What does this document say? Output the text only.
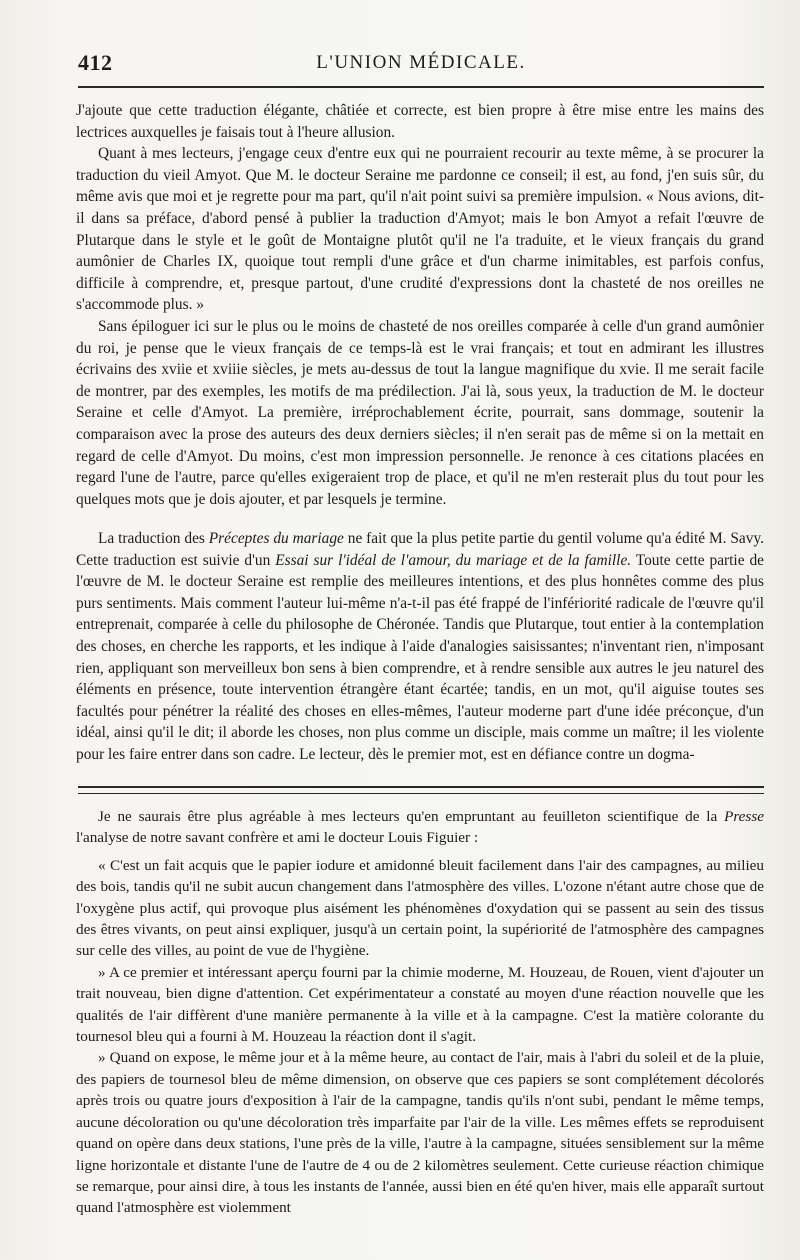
412	L'UNION MÉDICALE.

J'ajoute que cette traduction élégante, châtiée et correcte, est bien propre à être mise entre les mains des lectrices auxquelles je faisais tout à l'heure allusion.

Quant à mes lecteurs, j'engage ceux d'entre eux qui ne pourraient recourir au texte même, à se procurer la traduction du vieil Amyot. Que M. le docteur Seraine me pardonne ce conseil; il est, au fond, j'en suis sûr, du même avis que moi et je regrette pour ma part, qu'il n'ait point suivi sa première impulsion. « Nous avions, dit-il dans sa préface, d'abord pensé à publier la traduction d'Amyot; mais le bon Amyot a refait l'œuvre de Plutarque dans le style et le goût de Montaigne plutôt qu'il ne l'a traduite, et le vieux français du grand aumônier de Charles IX, quoique tout rempli d'une grâce et d'un charme inimitables, est parfois confus, difficile à comprendre, et, presque partout, d'une crudité d'expressions dont la chasteté de nos oreilles ne s'accommode plus. »

Sans épiloguer ici sur le plus ou le moins de chasteté de nos oreilles comparée à celle d'un grand aumônier du roi, je pense que le vieux français de ce temps-là est le vrai français; et tout en admirant les illustres écrivains des xviie et xviiie siècles, je mets au-dessus de tout la langue magnifique du xvie. Il me serait facile de montrer, par des exemples, les motifs de ma prédilection. J'ai là, sous yeux, la traduction de M. le docteur Seraine et celle d'Amyot. La première, irréprochablement écrite, pourrait, sans dommage, soutenir la comparaison avec la prose des auteurs des deux derniers siècles; il n'en serait pas de même si on la mettait en regard de celle d'Amyot. Du moins, c'est mon impression personnelle. Je renonce à ces citations placées en regard l'une de l'autre, parce qu'elles exigeraient trop de place, et qu'il ne m'en resterait plus du tout pour les quelques mots que je dois ajouter, et par lesquels je termine.

La traduction des Préceptes du mariage ne fait que la plus petite partie du gentil volume qu'a édité M. Savy. Cette traduction est suivie d'un Essai sur l'idéal de l'amour, du mariage et de la famille. Toute cette partie de l'œuvre de M. le docteur Seraine est remplie des meilleures intentions, et des plus honnêtes comme des plus purs sentiments. Mais comment l'auteur lui-même n'a-t-il pas été frappé de l'infériorité radicale de l'œuvre qu'il entreprenait, comparée à celle du philosophe de Chéronée. Tandis que Plutarque, tout entier à la contemplation des choses, en cherche les rapports, et les indique à l'aide d'analogies saisissantes; n'inventant rien, n'imposant rien, appliquant son merveilleux bon sens à bien comprendre, et à rendre sensible aux autres le jeu naturel des éléments en présence, toute intervention étrangère étant écartée; tandis, en un mot, qu'il aiguise toutes ses facultés pour pénétrer la réalité des choses en elles-mêmes, l'auteur moderne part d'une idée préconçue, d'un idéal, ainsi qu'il le dit; il aborde les choses, non plus comme un disciple, mais comme un maître; il les violente pour les faire entrer dans son cadre. Le lecteur, dès le premier mot, est en défiance contre un dogma-

Je ne saurais être plus agréable à mes lecteurs qu'en empruntant au feuilleton scientifique de la Presse l'analyse de notre savant confrère et ami le docteur Louis Figuier :

« C'est un fait acquis que le papier iodure et amidonné bleuit facilement dans l'air des campagnes, au milieu des bois, tandis qu'il ne subit aucun changement dans l'atmosphère des villes. L'ozone n'étant autre chose que de l'oxygène plus actif, qui provoque plus aisément les phénomènes d'oxydation qui se passent au sein des tissus des êtres vivants, on peut ainsi expliquer, jusqu'à un certain point, la supériorité de l'atmosphère des campagnes sur celle des villes, au point de vue de l'hygiène.

» A ce premier et intéressant aperçu fourni par la chimie moderne, M. Houzeau, de Rouen, vient d'ajouter un trait nouveau, bien digne d'attention. Cet expérimentateur a constaté au moyen d'une réaction nouvelle que les qualités de l'air diffèrent d'une manière permanente à la ville et à la campagne. C'est la matière colorante du tournesol bleu qui a fourni à M. Houzeau la réaction dont il s'agit.

» Quand on expose, le même jour et à la même heure, au contact de l'air, mais à l'abri du soleil et de la pluie, des papiers de tournesol bleu de même dimension, on observe que ces papiers se sont complétement décolorés après trois ou quatre jours d'exposition à l'air de la campagne, tandis qu'ils n'ont subi, pendant le même temps, aucune décoloration ou qu'une décoloration très imparfaite par l'air de la ville. Les mêmes effets se reproduisent quand on opère dans deux stations, l'une près de la ville, l'autre à la campagne, situées sensiblement sur la même ligne horizontale et distante l'une de l'autre de 4 ou de 2 kilomètres seulement. Cette curieuse réaction chimique se remarque, pour ainsi dire, à tous les instants de l'année, aussi bien en été qu'en hiver, mais elle apparaît surtout quand l'atmosphère est violemment
